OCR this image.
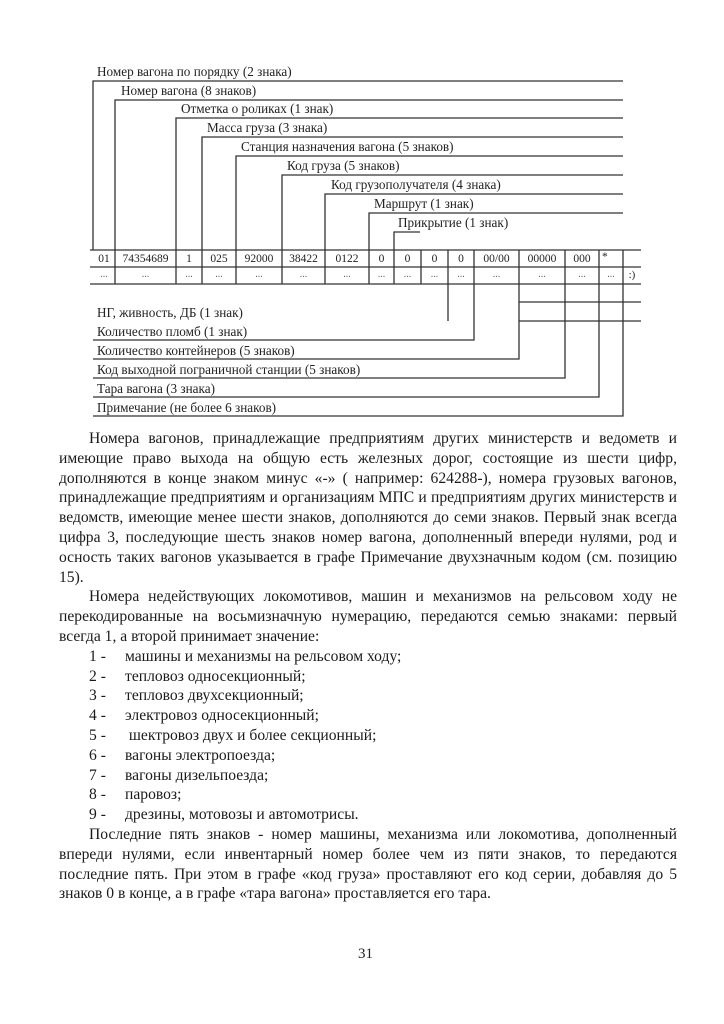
Номер вагона по порядку (2 знака)
Номер вагона (8 знаков)
Отметка о роликах (1 знак)
Масса груза (3 знака)
Станция назначения вагона (5 знаков)
Код груза (5 знаков)
Код грузополучателя (4 знака)
Маршрут (1 знак)
Прикрытие (1 знак)
01	74354689	1	025	92000	38422	0122	0	0	0	0	00/00	00000	000 *
...	...	...	...	...	...	...	...	...	...	...	...	...	...	...	:)
НГ, живность, ДБ (1 знак)
Количество пломб (1 знак)
Количество контейнеров (5 знаков)
Код выходной пограничной станции (5 знаков)
Тара вагона (3 знака)
Примечание (не более 6 знаков)

Номера вагонов, принадлежащие предприятиям других министерств и ведометв и имеющие право выхода на общую есть железных дорог, состоящие из шести цифр, дополняются в конце знаком минус «-» ( например: 624288-), номера грузовых вагонов, принадлежащие предприятиям и организациям МПС и предприятиям других министерств и ведомств, имеющие менее шести знаков, дополняются до семи знаков. Первый знак всегда цифра 3, последующие шесть знаков номер вагона, дополненный впереди нулями, род и осность таких вагонов указывается в графе Примечание двухзначным кодом (см. позицию 15).

Номера недействующих локомотивов, машин и механизмов на рельсовом ходу не перекодированные на восьмизначную нумерацию, передаются семью знаками: первый всегда 1, а второй принимает значение:

1 - машины и механизмы на рельсовом ходу;
2 - тепловоз односекционный;
3 - тепловоз двухсекционный;
4 - электровоз односекционный;
5 - шектровоз двух и более секционный;
6 - вагоны электропоезда;
7 - вагоны дизельпоезда;
8 - паровоз;
9 - дрезины, мотовозы и автомотрисы.

Последние пять знаков - номер машины, механизма или локомотива, дополненный впереди нулями, если инвентарный номер более чем из пяти знаков, то передаются последние пять. При этом в графе «код груза» проставляют его код серии, добавляя до 5 знаков 0 в конце, а в графе «тара вагона» проставляется его тара.

31
